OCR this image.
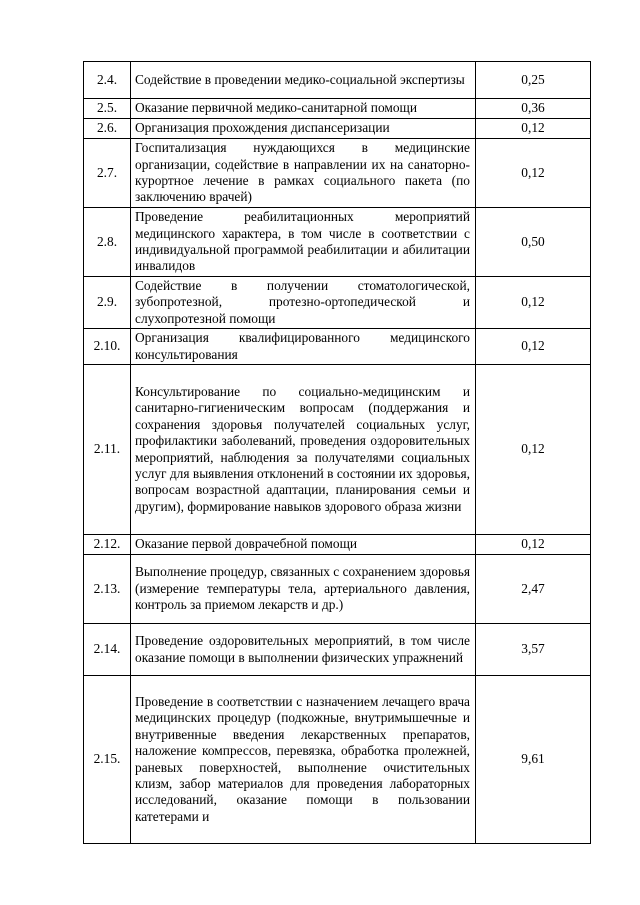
2.4.	Содействие в проведении медико-социальной экспертизы	0,25
2.5.	Оказание первичной медико-санитарной помощи	0,36
2.6.	Организация прохождения диспансеризации	0,12
2.7.	Госпитализация нуждающихся в медицинские организации, содействие в направлении их на санаторно-курортное лечение в рамках социального пакета (по заключению врачей)	0,12
2.8.	Проведение реабилитационных мероприятий медицинского характера, в том числе в соответствии с индивидуальной программой реабилитации и абилитации инвалидов	0,50
2.9.	Содействие в получении стоматологической, зубопротезной, протезно-ортопедической и слухопротезной помощи	0,12
2.10.	Организация квалифицированного медицинского консультирования	0,12
2.11.	Консультирование по социально-медицинским и санитарно-гигиеническим вопросам (поддержания и сохранения здоровья получателей социальных услуг, профилактики заболеваний, проведения оздоровительных мероприятий, наблюдения за получателями социальных услуг для выявления отклонений в состоянии их здоровья, вопросам возрастной адаптации, планирования семьи и другим), формирование навыков здорового образа жизни	0,12
2.12.	Оказание первой доврачебной помощи	0,12
2.13.	Выполнение процедур, связанных с сохранением здоровья (измерение температуры тела, артериального давления, контроль за приемом лекарств и др.)	2,47
2.14.	Проведение оздоровительных мероприятий, в том числе оказание помощи в выполнении физических упражнений	3,57
2.15.	Проведение в соответствии с назначением лечащего врача медицинских процедур (подкожные, внутримышечные и внутривенные введения лекарственных препаратов, наложение компрессов, перевязка, обработка пролежней, раневых поверхностей, выполнение очистительных клизм, забор материалов для проведения лабораторных исследований, оказание помощи в пользовании катетерами и	9,61
